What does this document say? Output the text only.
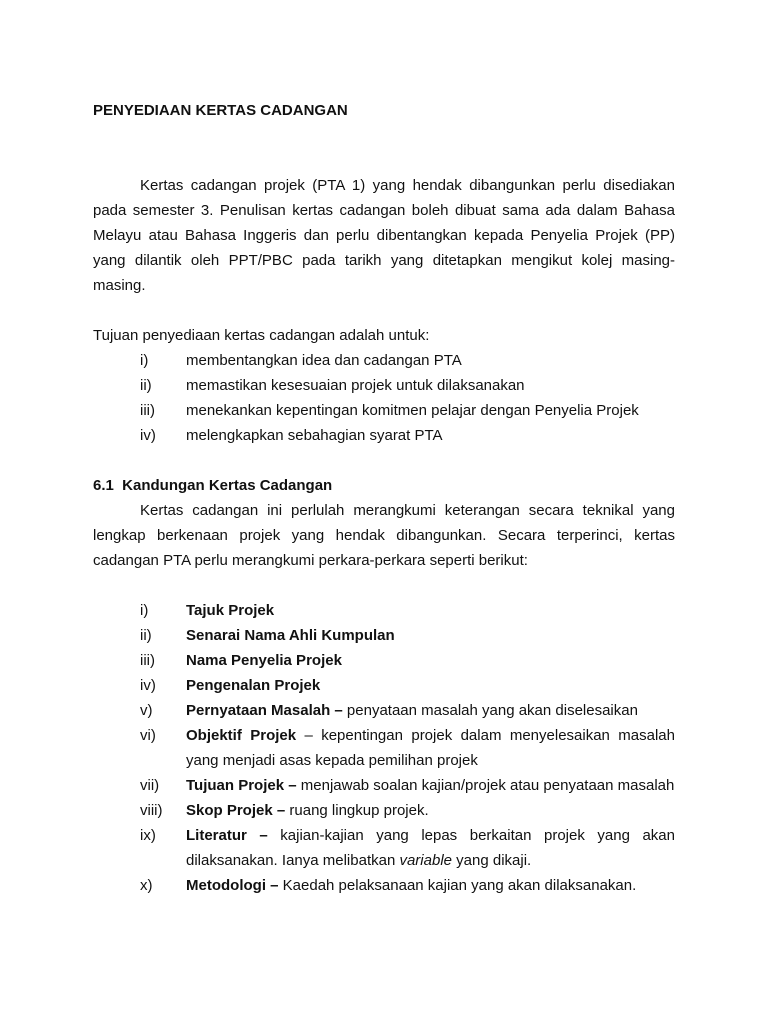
PENYEDIAAN KERTAS CADANGAN

Kertas cadangan projek (PTA 1) yang hendak dibangunkan perlu disediakan pada semester 3. Penulisan kertas cadangan boleh dibuat sama ada dalam Bahasa Melayu atau Bahasa Inggeris dan perlu dibentangkan kepada Penyelia Projek (PP) yang dilantik oleh PPT/PBC pada tarikh yang ditetapkan mengikut kolej masing-masing.

Tujuan penyediaan kertas cadangan adalah untuk:

i)	membentangkan idea dan cadangan PTA
ii)	memastikan kesesuaian projek untuk dilaksanakan
iii)	menekankan kepentingan komitmen pelajar dengan Penyelia Projek
iv)	melengkapkan sebahagian syarat PTA

6.1  Kandungan Kertas Cadangan

Kertas cadangan ini perlulah merangkumi keterangan secara teknikal yang lengkap berkenaan projek yang hendak dibangunkan. Secara terperinci, kertas cadangan PTA perlu merangkumi perkara-perkara seperti berikut:

i)	Tajuk Projek
ii)	Senarai Nama Ahli Kumpulan
iii)	Nama Penyelia Projek
iv)	Pengenalan Projek
v)	Pernyataan Masalah – penyataan masalah yang akan diselesaikan
vi)	Objektif Projek – kepentingan projek dalam menyelesaikan masalah yang menjadi asas kepada pemilihan projek
vii)	Tujuan Projek – menjawab soalan kajian/projek atau penyataan masalah
viii)	Skop Projek – ruang lingkup projek.
ix)	Literatur – kajian-kajian yang lepas berkaitan projek yang akan dilaksanakan. Ianya melibatkan variable yang dikaji.
x)	Metodologi – Kaedah pelaksanaan kajian yang akan dilaksanakan.
